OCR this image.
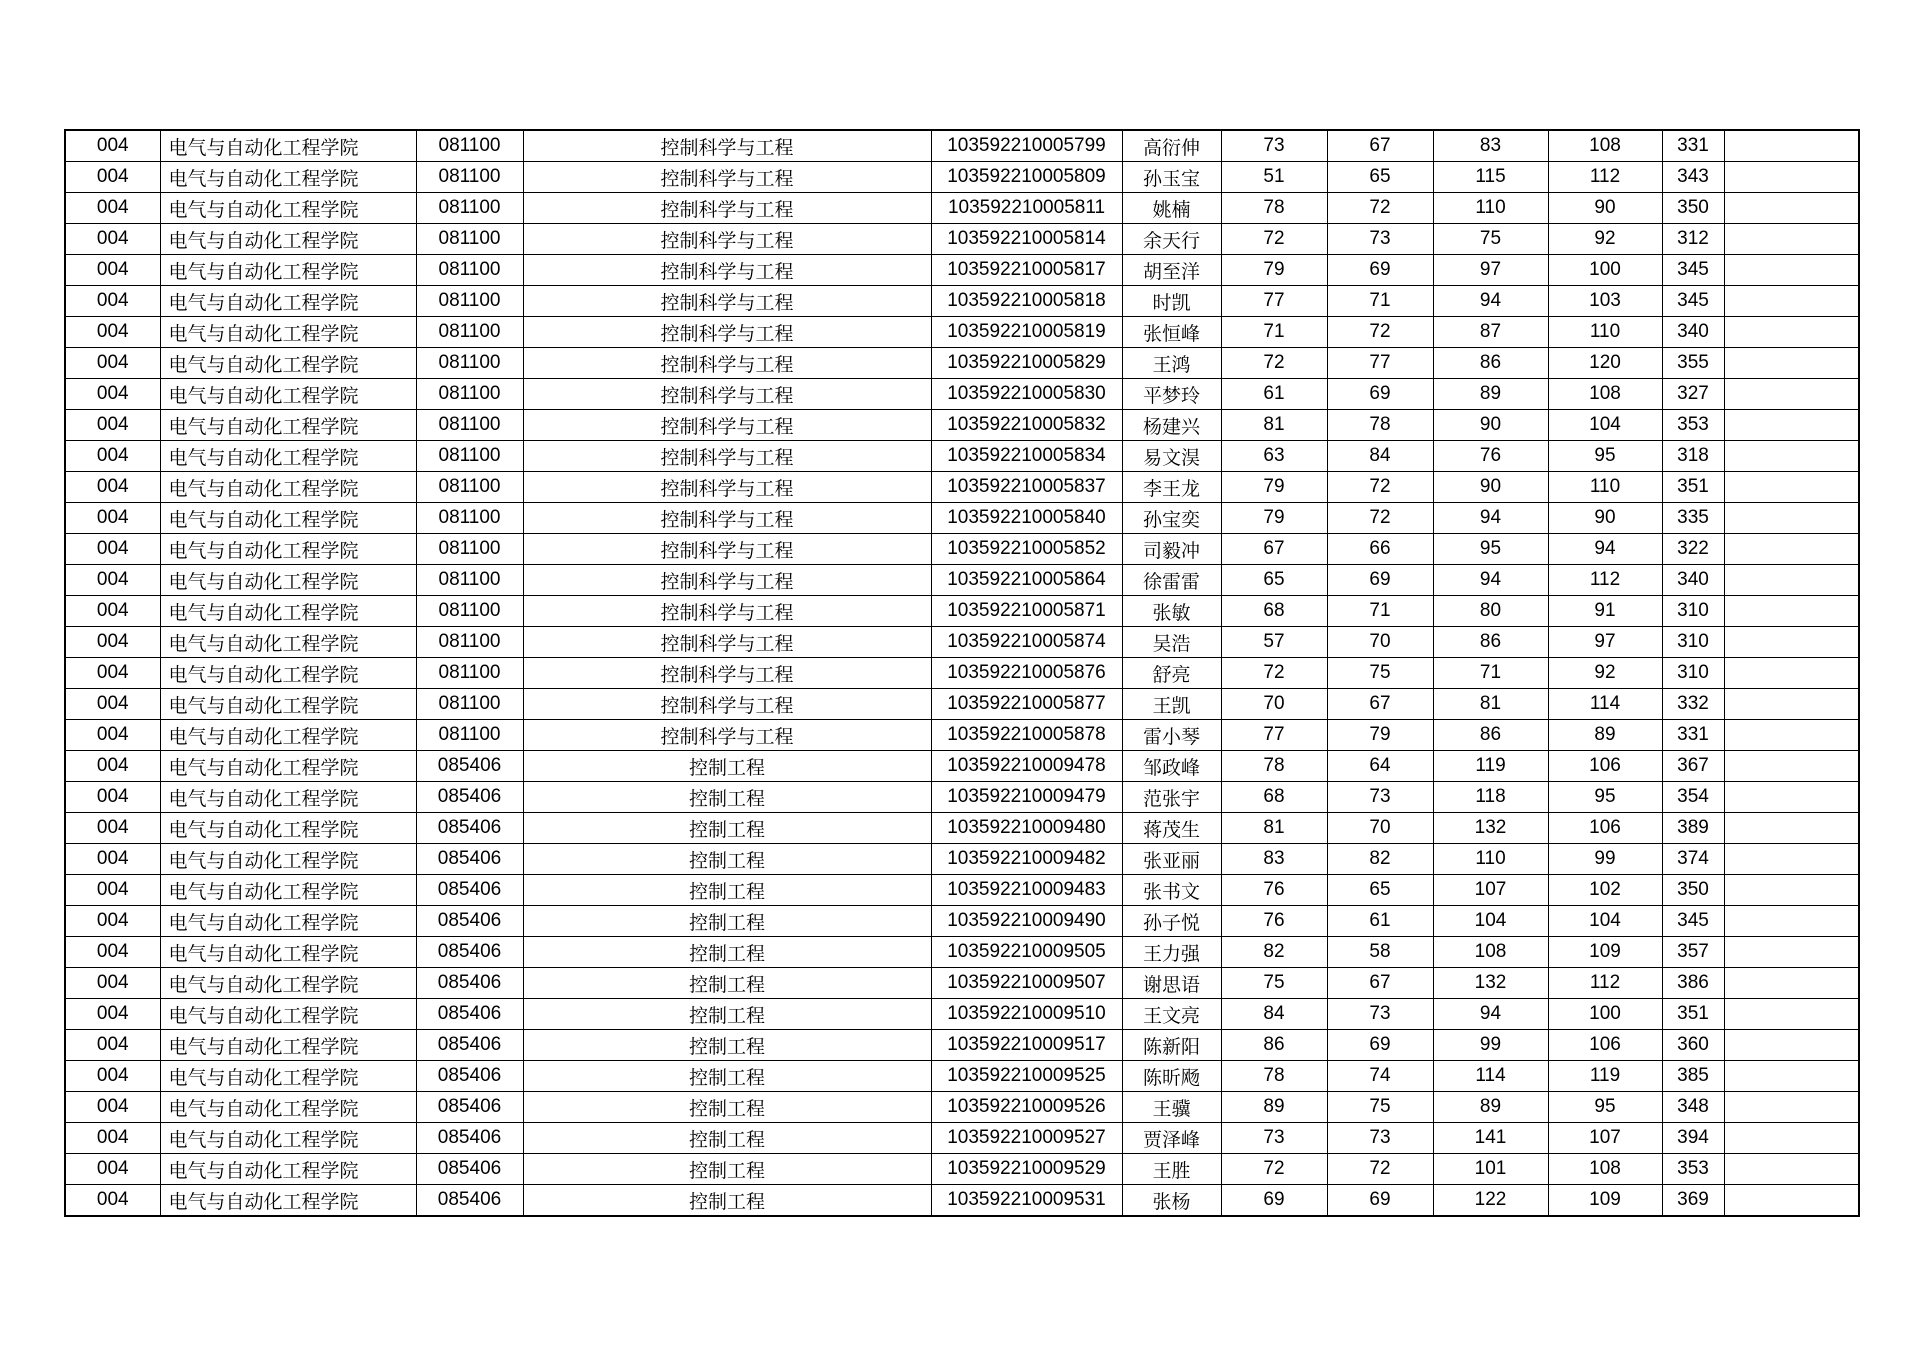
004	电气与自动化工程学院	081100	控制科学与工程	103592210005799	高衍伸	73	67	83	108	331	
004	电气与自动化工程学院	081100	控制科学与工程	103592210005809	孙玉宝	51	65	115	112	343	
004	电气与自动化工程学院	081100	控制科学与工程	103592210005811	姚楠	78	72	110	90	350	
004	电气与自动化工程学院	081100	控制科学与工程	103592210005814	余天行	72	73	75	92	312	
004	电气与自动化工程学院	081100	控制科学与工程	103592210005817	胡至洋	79	69	97	100	345	
004	电气与自动化工程学院	081100	控制科学与工程	103592210005818	时凯	77	71	94	103	345	
004	电气与自动化工程学院	081100	控制科学与工程	103592210005819	张恒峰	71	72	87	110	340	
004	电气与自动化工程学院	081100	控制科学与工程	103592210005829	王鸿	72	77	86	120	355	
004	电气与自动化工程学院	081100	控制科学与工程	103592210005830	平梦玲	61	69	89	108	327	
004	电气与自动化工程学院	081100	控制科学与工程	103592210005832	杨建兴	81	78	90	104	353	
004	电气与自动化工程学院	081100	控制科学与工程	103592210005834	易文淏	63	84	76	95	318	
004	电气与自动化工程学院	081100	控制科学与工程	103592210005837	李王龙	79	72	90	110	351	
004	电气与自动化工程学院	081100	控制科学与工程	103592210005840	孙宝奕	79	72	94	90	335	
004	电气与自动化工程学院	081100	控制科学与工程	103592210005852	司毅冲	67	66	95	94	322	
004	电气与自动化工程学院	081100	控制科学与工程	103592210005864	徐雷雷	65	69	94	112	340	
004	电气与自动化工程学院	081100	控制科学与工程	103592210005871	张敏	68	71	80	91	310	
004	电气与自动化工程学院	081100	控制科学与工程	103592210005874	吴浩	57	70	86	97	310	
004	电气与自动化工程学院	081100	控制科学与工程	103592210005876	舒亮	72	75	71	92	310	
004	电气与自动化工程学院	081100	控制科学与工程	103592210005877	王凯	70	67	81	114	332	
004	电气与自动化工程学院	081100	控制科学与工程	103592210005878	雷小琴	77	79	86	89	331	
004	电气与自动化工程学院	085406	控制工程	103592210009478	邹政峰	78	64	119	106	367	
004	电气与自动化工程学院	085406	控制工程	103592210009479	范张宇	68	73	118	95	354	
004	电气与自动化工程学院	085406	控制工程	103592210009480	蒋茂生	81	70	132	106	389	
004	电气与自动化工程学院	085406	控制工程	103592210009482	张亚丽	83	82	110	99	374	
004	电气与自动化工程学院	085406	控制工程	103592210009483	张书文	76	65	107	102	350	
004	电气与自动化工程学院	085406	控制工程	103592210009490	孙子悦	76	61	104	104	345	
004	电气与自动化工程学院	085406	控制工程	103592210009505	王力强	82	58	108	109	357	
004	电气与自动化工程学院	085406	控制工程	103592210009507	谢思语	75	67	132	112	386	
004	电气与自动化工程学院	085406	控制工程	103592210009510	王文亮	84	73	94	100	351	
004	电气与自动化工程学院	085406	控制工程	103592210009517	陈新阳	86	69	99	106	360	
004	电气与自动化工程学院	085406	控制工程	103592210009525	陈昕飏	78	74	114	119	385	
004	电气与自动化工程学院	085406	控制工程	103592210009526	王骥	89	75	89	95	348	
004	电气与自动化工程学院	085406	控制工程	103592210009527	贾泽峰	73	73	141	107	394	
004	电气与自动化工程学院	085406	控制工程	103592210009529	王胜	72	72	101	108	353	
004	电气与自动化工程学院	085406	控制工程	103592210009531	张杨	69	69	122	109	369	
